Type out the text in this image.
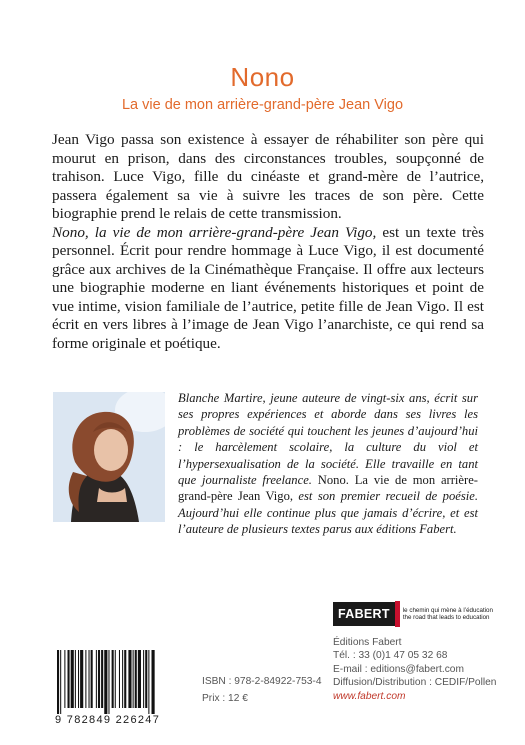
Nono
La vie de mon arrière-grand-père Jean Vigo

Jean Vigo passa son existence à essayer de réhabiliter son père qui mourut en prison, dans des circonstances troubles, soupçonné de trahison. Luce Vigo, fille du cinéaste et grand-mère de l’autrice, passera également sa vie à suivre les traces de son père. Cette biographie prend le relais de cette transmission.

Nono, la vie de mon arrière-grand-père Jean Vigo, est un texte très personnel. Écrit pour rendre hommage à Luce Vigo, il est documenté grâce aux archives de la Cinémathèque Française. Il offre aux lecteurs une biographie moderne en liant événements historiques et point de vue intime, vision familiale de l’autrice, petite fille de Jean Vigo. Il est écrit en vers libres à l’image de Jean Vigo l’anarchiste, ce qui rend sa forme originale et poétique.

Blanche Martire, jeune auteure de vingt-six ans, écrit sur ses propres expériences et aborde dans ses livres les problèmes de société qui touchent les jeunes d’aujourd’hui : le harcèlement scolaire, la culture du viol et l’hypersexualisation de la société. Elle travaille en tant que journaliste freelance. Nono. La vie de mon arrière-grand-père Jean Vigo, est son premier recueil de poésie. Aujourd’hui elle continue plus que jamais d’écrire, et est l’auteure de plusieurs textes parus aux éditions Fabert.
FABERT	le chemin qui mène à l’éducation
the road that leads to education
Éditions Fabert
Tél. : 33 (0)1 47 05 32 68
E-mail : editions@fabert.com
Diffusion/Distribution : CEDIF/Pollen
www.fabert.com
9 782849 226247
ISBN : 978-2-84922-753-4
Prix : 12 €
